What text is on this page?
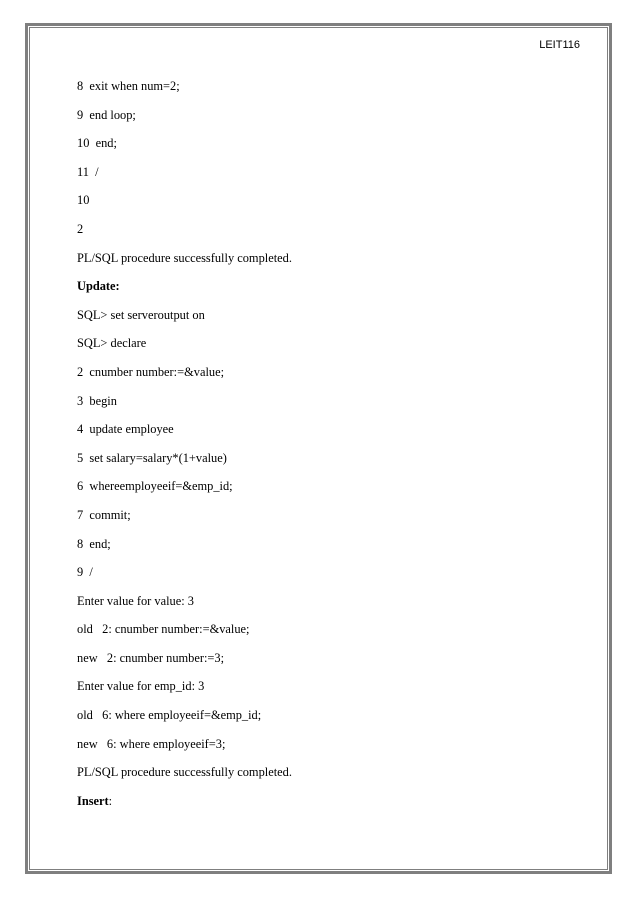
LEIT116
8  exit when num=2;
9  end loop;
10  end;
11  /
10
2
PL/SQL procedure successfully completed.
Update:
SQL> set serveroutput on
SQL> declare
2  cnumber number:=&value;
3  begin
4  update employee
5  set salary=salary*(1+value)
6  whereemployeeif=&emp_id;
7  commit;
8  end;
9  /
Enter value for value: 3
old   2: cnumber number:=&value;
new   2: cnumber number:=3;
Enter value for emp_id: 3
old   6: where employeeif=&emp_id;
new   6: where employeeif=3;
PL/SQL procedure successfully completed.
Insert:
